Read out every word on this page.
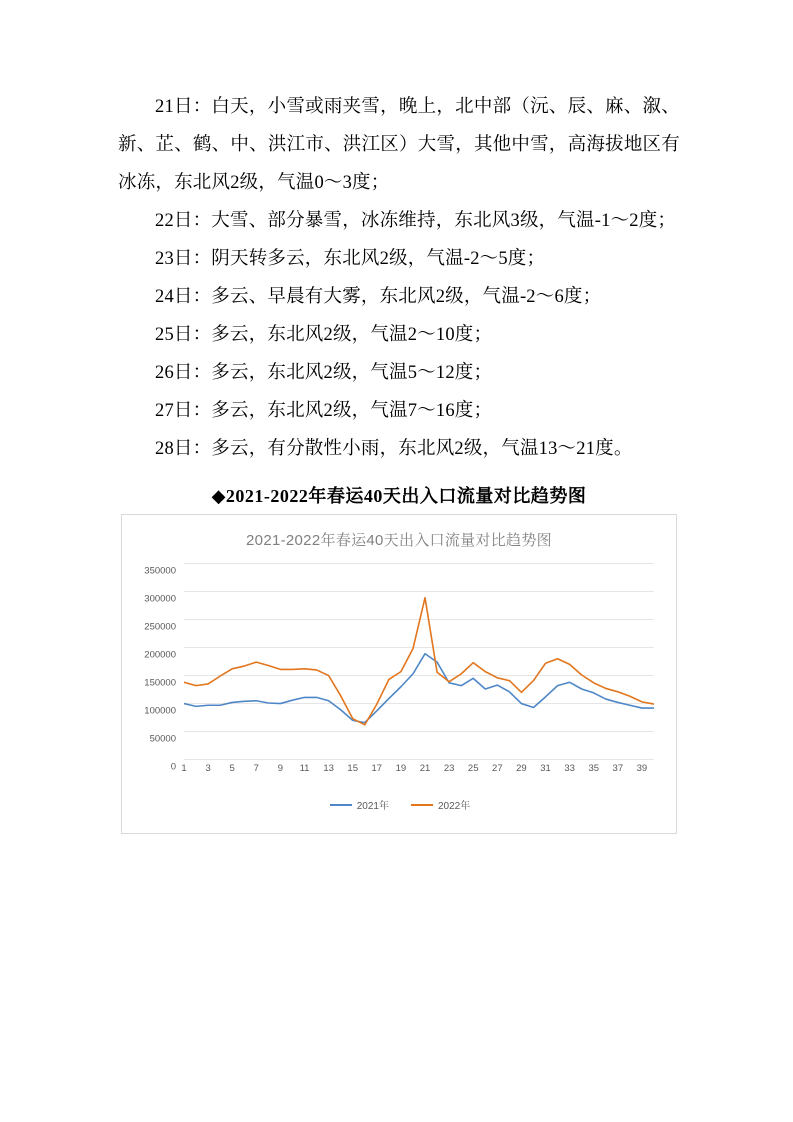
21日：白天，小雪或雨夹雪，晚上，北中部（沅、辰、麻、溆、新、芷、鹤、中、洪江市、洪江区）大雪，其他中雪，高海拔地区有冰冻，东北风2级，气温0～3度；

22日：大雪、部分暴雪，冰冻维持，东北风3级，气温-1～2度；

23日：阴天转多云，东北风2级，气温-2～5度；

24日：多云、早晨有大雾，东北风2级，气温-2～6度；

25日：多云，东北风2级，气温2～10度；

26日：多云，东北风2级，气温5～12度；

27日：多云，东北风2级，气温7～16度；

28日：多云，有分散性小雨，东北风2级，气温13～21度。

◆2021-2022年春运40天出入口流量对比趋势图
2021-2022年春运40天出入口流量对比趋势图
0
50000
100000
150000
200000
250000
300000
350000
1 3 5 7 9 11 13 15 17 19 21 23 25 27 29 31 33 35 37 39
2021年	2022年
